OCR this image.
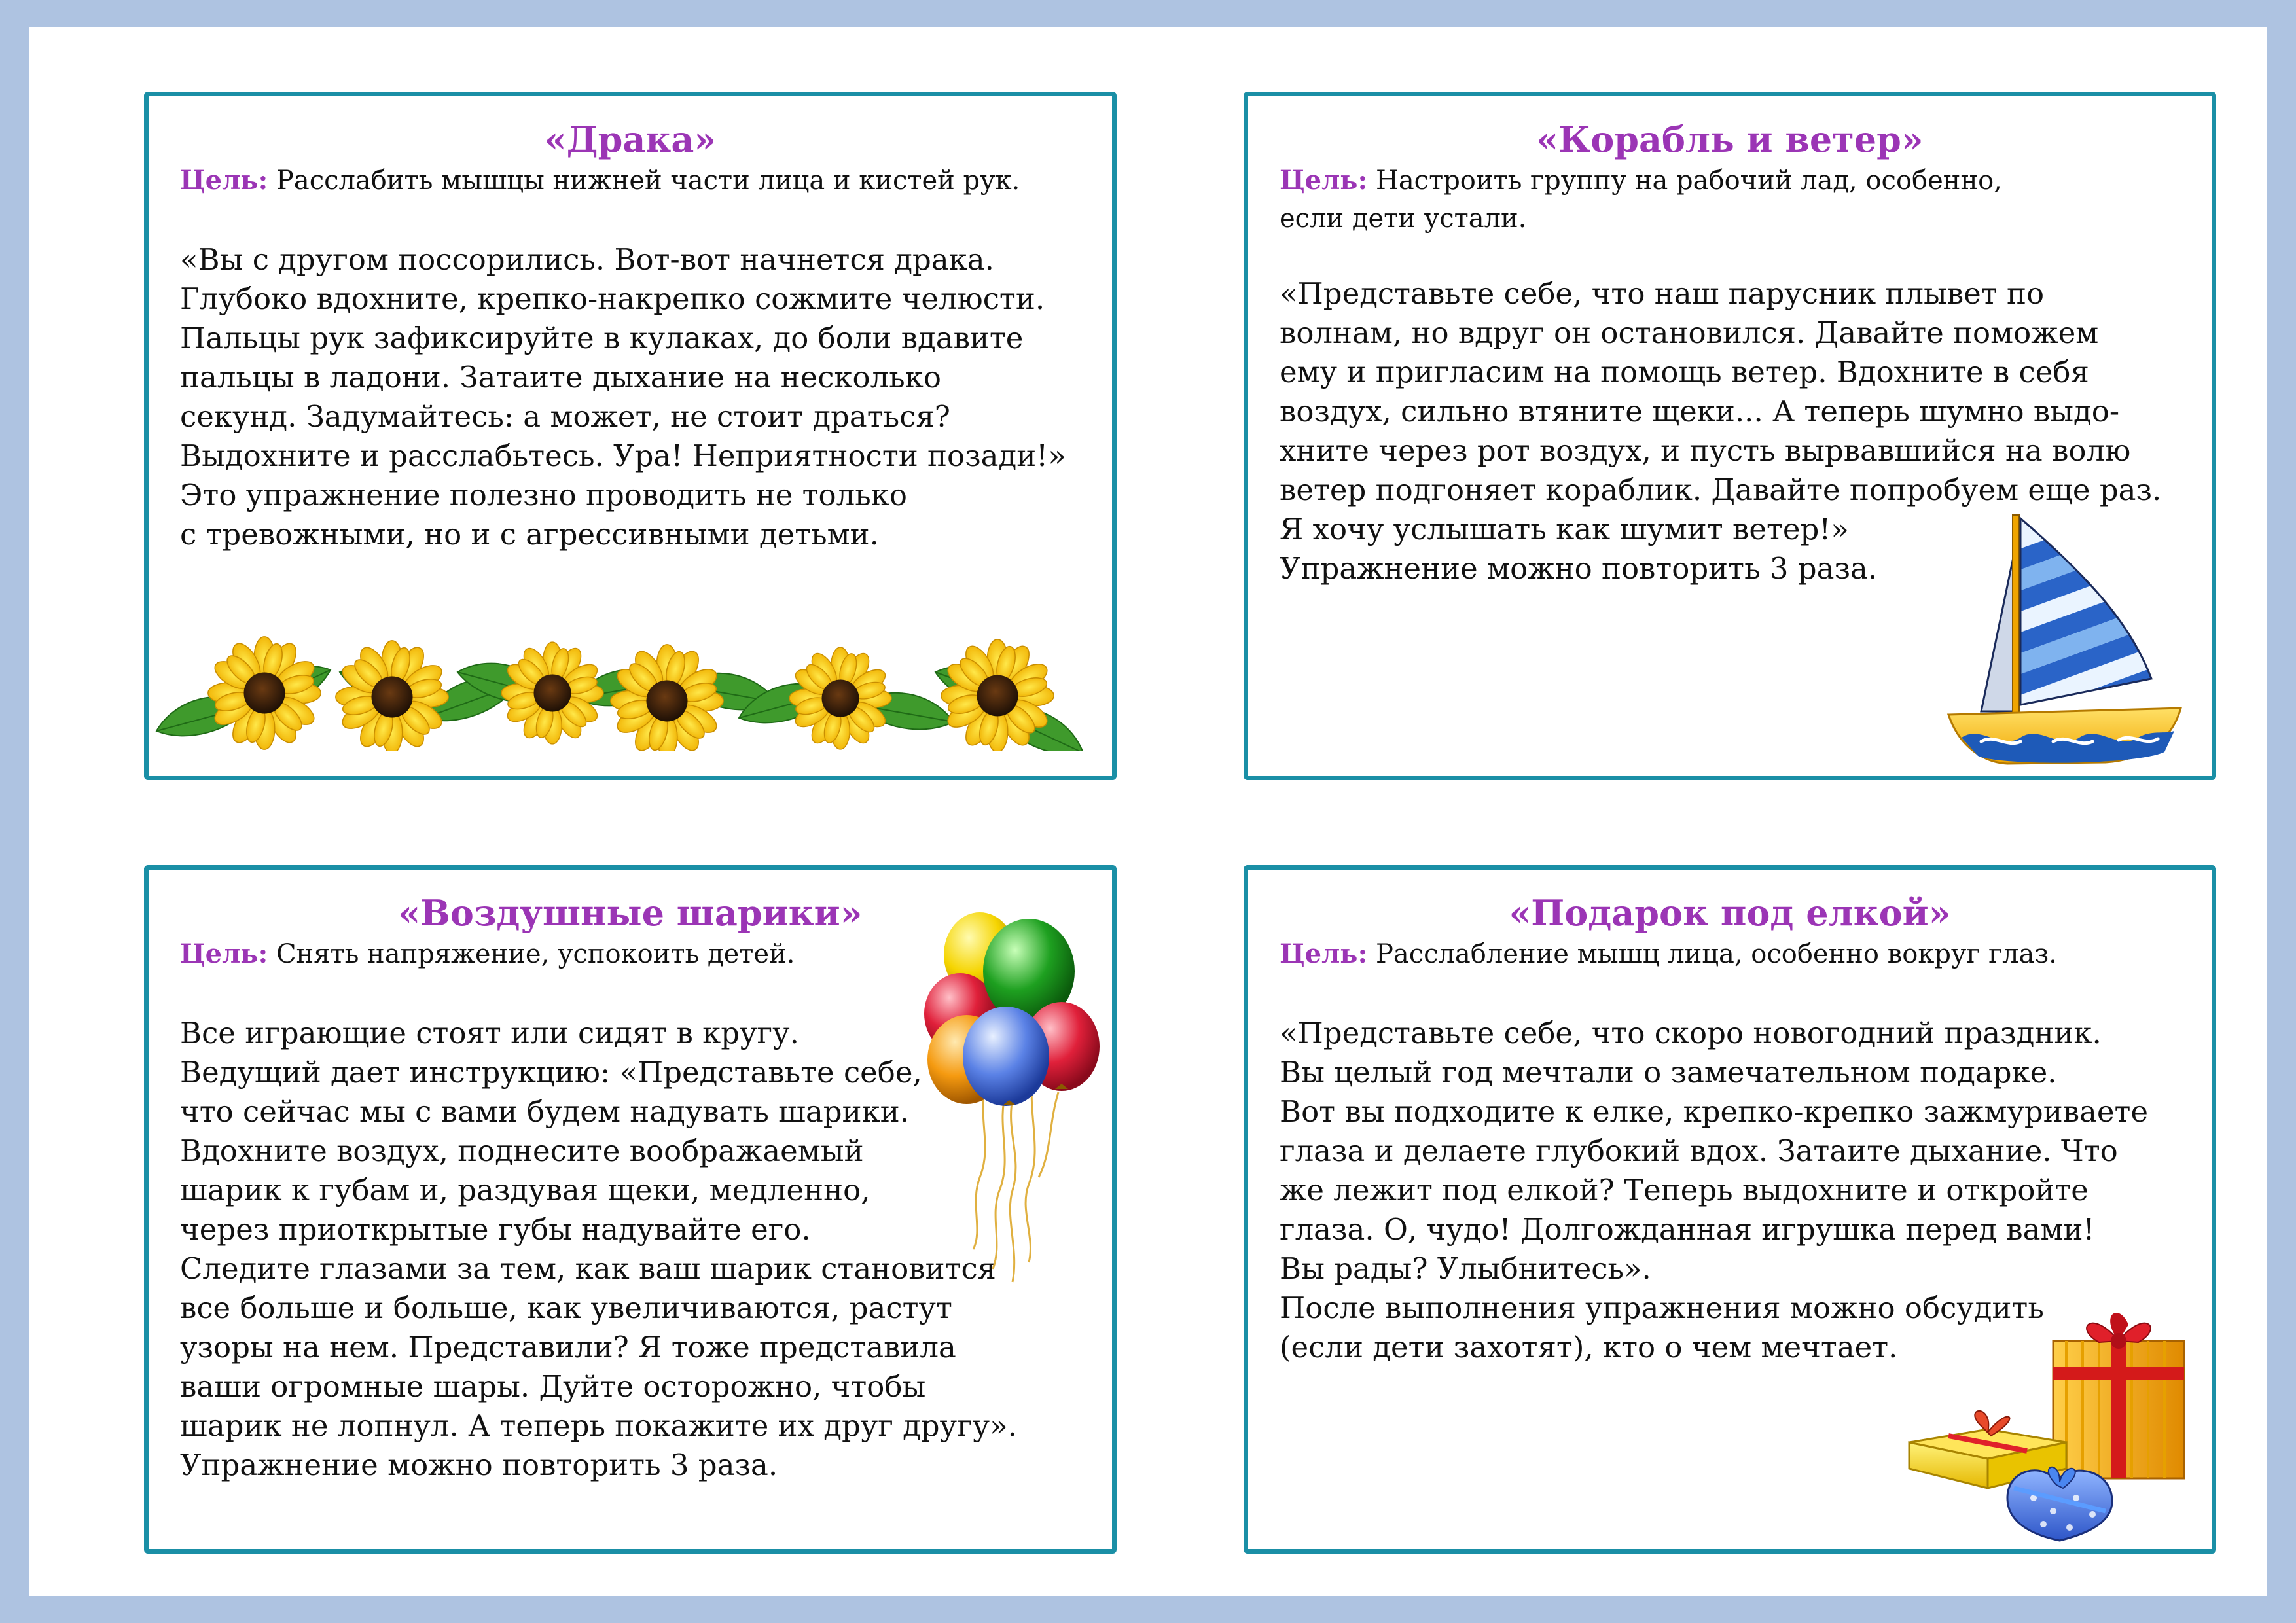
«Драка»
Цель: Расслабить мышцы нижней части лица и кистей рук.
«Вы с другом поссорились. Вот-вот начнется драка.
Глубоко вдохните, крепко-накрепко сожмите челюсти.
Пальцы рук зафиксируйте в кулаках, до боли вдавите
пальцы в ладони. Затаите дыхание на несколько
секунд. Задумайтесь: а может, не стоит драться?
Выдохните и расслабьтесь. Ура! Неприятности позади!»
Это упражнение полезно проводить не только
с тревожными, но и с агрессивными детьми.
«Корабль и ветер»
Цель: Настроить группу на рабочий лад, особенно,
если дети устали.
«Представьте себе, что наш парусник плывет по
волнам, но вдруг он остановился. Давайте поможем
ему и пригласим на помощь ветер. Вдохните в себя
воздух, сильно втяните щеки... А теперь шумно выдо-
хните через рот воздух, и пусть вырвавшийся на волю
ветер подгоняет кораблик. Давайте попробуем еще раз.
Я хочу услышать как шумит ветер!»
Упражнение можно повторить 3 раза.
«Воздушные шарики»
Цель: Снять напряжение, успокоить детей.
Все играющие стоят или сидят в кругу.
Ведущий дает инструкцию: «Представьте себе,
что сейчас мы с вами будем надувать шарики.
Вдохните воздух, поднесите воображаемый
шарик к губам и, раздувая щеки, медленно,
через приоткрытые губы надувайте его.
Следите глазами за тем, как ваш шарик становится
все больше и больше, как увеличиваются, растут
узоры на нем. Представили? Я тоже представила
ваши огромные шары. Дуйте осторожно, чтобы
шарик не лопнул. А теперь покажите их друг другу».
Упражнение можно повторить 3 раза.
«Подарок под елкой»
Цель: Расслабление мышц лица, особенно вокруг глаз.
«Представьте себе, что скоро новогодний праздник.
Вы целый год мечтали о замечательном подарке.
Вот вы подходите к елке, крепко-крепко зажмуриваете
глаза и делаете глубокий вдох. Затаите дыхание. Что
же лежит под елкой? Теперь выдохните и откройте
глаза. О, чудо! Долгожданная игрушка перед вами!
Вы рады? Улыбнитесь».
После выполнения упражнения можно обсудить
(если дети захотят), кто о чем мечтает.
